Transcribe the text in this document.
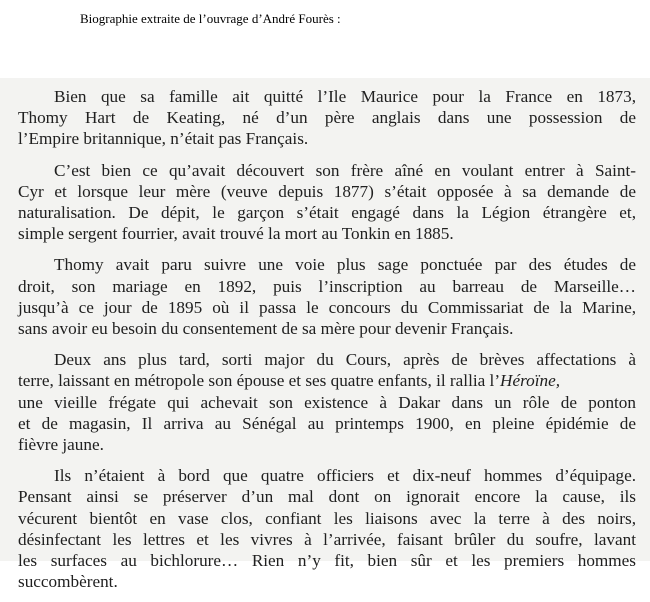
Biographie extraite de l’ouvrage d’André Fourès :
Bien que sa famille ait quitté l’Ile Maurice pour la France en 1873,
Thomy Hart de Keating, né d’un père anglais dans une possession de
l’Empire britannique, n’était pas Français.
C’est bien ce qu’avait découvert son frère aîné en voulant entrer à Saint-
Cyr et lorsque leur mère (veuve depuis 1877) s’était opposée à sa demande de
naturalisation. De dépit, le garçon s’était engagé dans la Légion étrangère et,
simple sergent fourrier, avait trouvé la mort au Tonkin en 1885.
Thomy avait paru suivre une voie plus sage ponctuée par des études de
droit, son mariage en 1892, puis l’inscription au barreau de Marseille…
jusqu’à ce jour de 1895 où il passa le concours du Commissariat de la Marine,
sans avoir eu besoin du consentement de sa mère pour devenir Français.
Deux ans plus tard, sorti major du Cours, après de brèves affectations à
terre, laissant en métropole son épouse et ses quatre enfants, il rallia l’Héroïne,
une vieille frégate qui achevait son existence à Dakar dans un rôle de ponton
et de magasin, Il arriva au Sénégal au printemps 1900, en pleine épidémie de
fièvre jaune.
Ils n’étaient à bord que quatre officiers et dix-neuf hommes d’équipage.
Pensant ainsi se préserver d’un mal dont on ignorait encore la cause, ils
vécurent bientôt en vase clos, confiant les liaisons avec la terre à des noirs,
désinfectant les lettres et les vivres à l’arrivée, faisant brûler du soufre, lavant
les surfaces au bichlorure… Rien n’y fit, bien sûr et les premiers hommes
succombèrent.
